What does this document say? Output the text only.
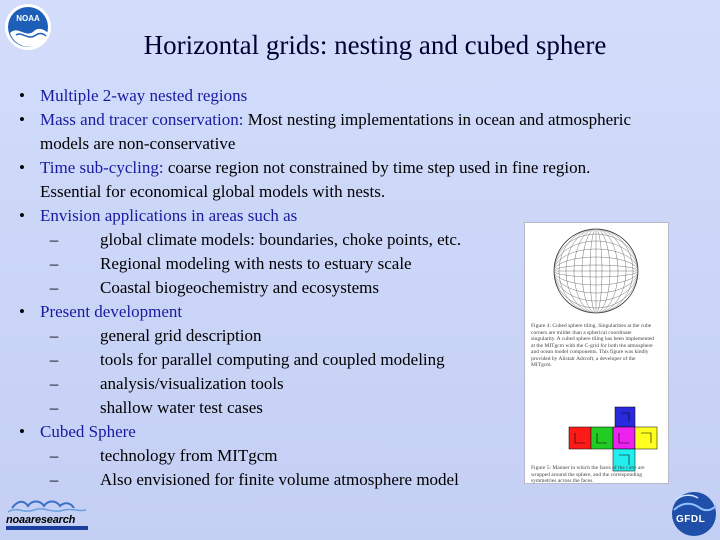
NOAA
Horizontal grids: nesting and cubed sphere
• Multiple 2-way nested regions
• Mass and tracer conservation: Most nesting implementations in ocean and atmospheric models are non-conservative
• Time sub-cycling: coarse region not constrained by time step used in fine region. Essential for economical global models with nests.
• Envision applications in areas such as
–	global climate models: boundaries, choke points, etc.
–	Regional modeling with nests to estuary scale
–	Coastal biogeochemistry and ecosystems
• Present development
–	general grid description
–	tools for parallel computing and coupled modeling
–	analysis/visualization tools
–	shallow water test cases
• Cubed Sphere
–	technology from MITgcm
–	Also envisioned for finite volume atmosphere model
Figure 4: Cubed sphere tiling. Singularities at the cube corners are milder than a spherical coordinate singularity. A cubed sphere tiling has been implemented at the MITgcm with the C-grid for both the atmosphere and ocean model components. This figure was kindly provided by Alistair Adcroft, a developer of the MITgcm.
Figure 5: Manner in which the faces of the cube are wrapped around the sphere, and the corresponding symmetries across the faces.
noaaresearch	GFDL
